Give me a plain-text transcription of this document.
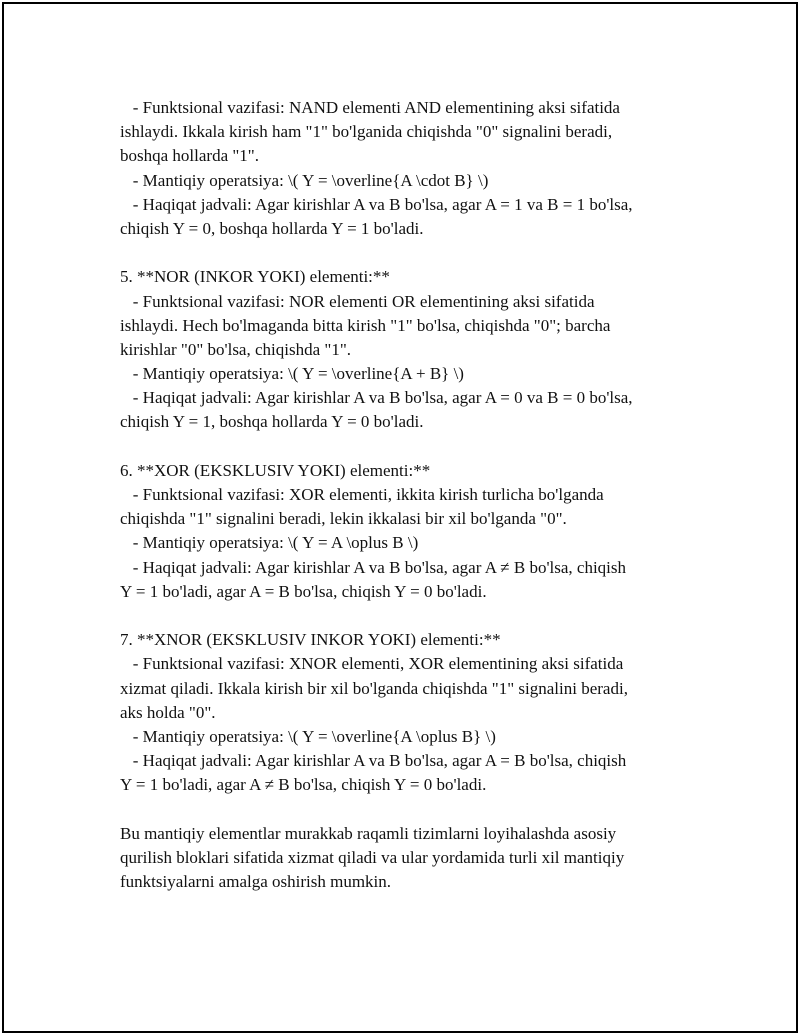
- Funktsional vazifasi: NAND elementi AND elementining aksi sifatida
ishlaydi. Ikkala kirish ham "1" bo'lganida chiqishda "0" signalini beradi,
boshqa hollarda "1".
- Mantiqiy operatsiya: \( Y = \overline{A \cdot B} \)
- Haqiqat jadvali: Agar kirishlar A va B bo'lsa, agar A = 1 va B = 1 bo'lsa,
chiqish Y = 0, boshqa hollarda Y = 1 bo'ladi.
5. **NOR (INKOR YOKI) elementi:**
- Funktsional vazifasi: NOR elementi OR elementining aksi sifatida
ishlaydi. Hech bo'lmaganda bitta kirish "1" bo'lsa, chiqishda "0"; barcha
kirishlar "0" bo'lsa, chiqishda "1".
- Mantiqiy operatsiya: \( Y = \overline{A + B} \)
- Haqiqat jadvali: Agar kirishlar A va B bo'lsa, agar A = 0 va B = 0 bo'lsa,
chiqish Y = 1, boshqa hollarda Y = 0 bo'ladi.
6. **XOR (EKSKLUSIV YOKI) elementi:**
- Funktsional vazifasi: XOR elementi, ikkita kirish turlicha bo'lganda
chiqishda "1" signalini beradi, lekin ikkalasi bir xil bo'lganda "0".
- Mantiqiy operatsiya: \( Y = A \oplus B \)
- Haqiqat jadvali: Agar kirishlar A va B bo'lsa, agar A ≠ B bo'lsa, chiqish
Y = 1 bo'ladi, agar A = B bo'lsa, chiqish Y = 0 bo'ladi.
7. **XNOR (EKSKLUSIV INKOR YOKI) elementi:**
- Funktsional vazifasi: XNOR elementi, XOR elementining aksi sifatida
xizmat qiladi. Ikkala kirish bir xil bo'lganda chiqishda "1" signalini beradi,
aks holda "0".
- Mantiqiy operatsiya: \( Y = \overline{A \oplus B} \)
- Haqiqat jadvali: Agar kirishlar A va B bo'lsa, agar A = B bo'lsa, chiqish
Y = 1 bo'ladi, agar A ≠ B bo'lsa, chiqish Y = 0 bo'ladi.
Bu mantiqiy elementlar murakkab raqamli tizimlarni loyihalashda asosiy
qurilish bloklari sifatida xizmat qiladi va ular yordamida turli xil mantiqiy
funktsiyalarni amalga oshirish mumkin.
